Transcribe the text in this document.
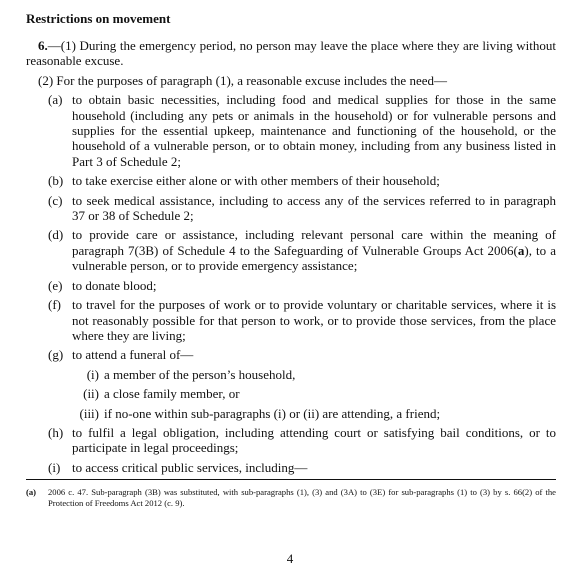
Restrictions on movement

6.—(1) During the emergency period, no person may leave the place where they are living without reasonable excuse.

(2) For the purposes of paragraph (1), a reasonable excuse includes the need—

(a) to obtain basic necessities, including food and medical supplies for those in the same household (including any pets or animals in the household) or for vulnerable persons and supplies for the essential upkeep, maintenance and functioning of the household, or the household of a vulnerable person, or to obtain money, including from any business listed in Part 3 of Schedule 2;
(b) to take exercise either alone or with other members of their household;
(c) to seek medical assistance, including to access any of the services referred to in paragraph 37 or 38 of Schedule 2;
(d) to provide care or assistance, including relevant personal care within the meaning of paragraph 7(3B) of Schedule 4 to the Safeguarding of Vulnerable Groups Act 2006(a), to a vulnerable person, or to provide emergency assistance;
(e) to donate blood;
(f) to travel for the purposes of work or to provide voluntary or charitable services, where it is not reasonably possible for that person to work, or to provide those services, from the place where they are living;
(g) to attend a funeral of—
(i) a member of the person’s household,
(ii) a close family member, or
(iii) if no-one within sub-paragraphs (i) or (ii) are attending, a friend;
(h) to fulfil a legal obligation, including attending court or satisfying bail conditions, or to participate in legal proceedings;
(i) to access critical public services, including—
(a)	2006 c. 47. Sub-paragraph (3B) was substituted, with sub-paragraphs (1), (3) and (3A) to (3E) for sub-paragraphs (1) to (3) by s. 66(2) of the Protection of Freedoms Act 2012 (c. 9).
4
